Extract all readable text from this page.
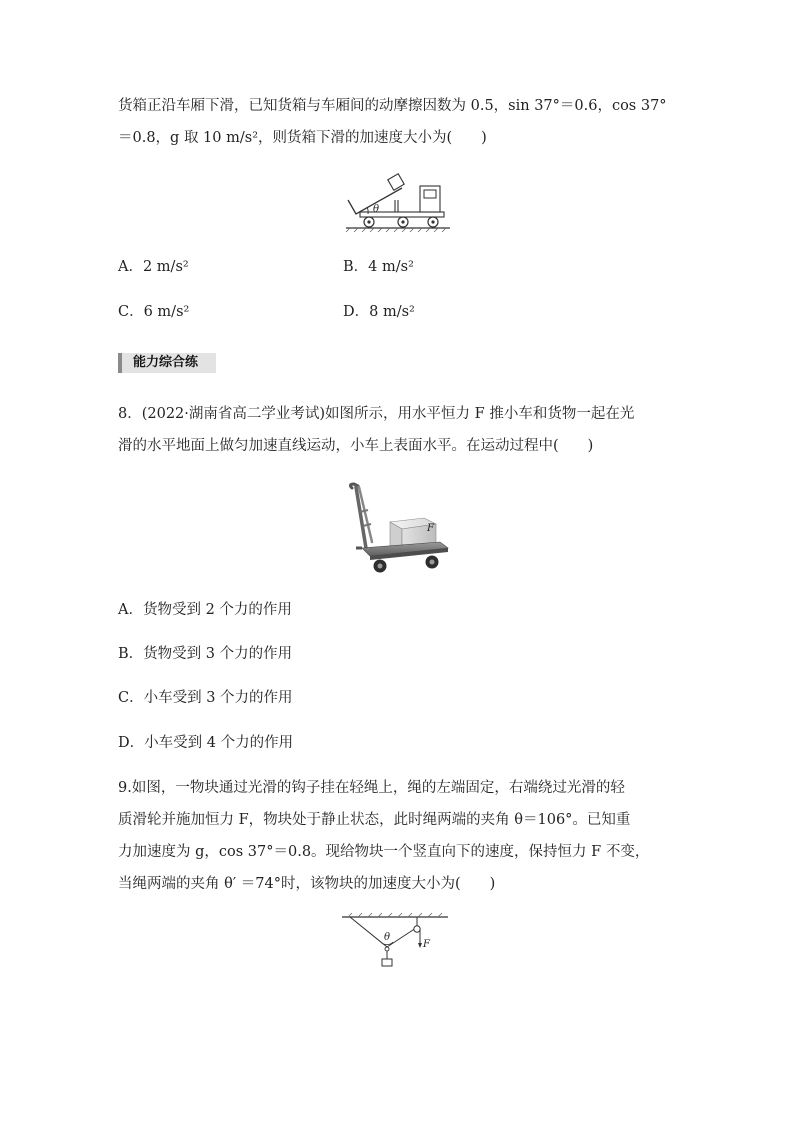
货箱正沿车厢下滑，已知货箱与车厢间的动摩擦因数为 0.5，sin 37°＝0.6，cos 37°
＝0.8，g 取 10 m/s²，则货箱下滑的加速度大小为(　　)
θ
A．2 m/s²	B．4 m/s²
C．6 m/s²	D．8 m/s²
能力综合练
8．(2022·湖南省高二学业考试)如图所示，用水平恒力 F 推小车和货物一起在光
滑的水平地面上做匀加速直线运动，小车上表面水平。在运动过程中(　　)
F
A．货物受到 2 个力的作用
B．货物受到 3 个力的作用
C．小车受到 3 个力的作用
D．小车受到 4 个力的作用
9.如图，一物块通过光滑的钩子挂在轻绳上，绳的左端固定，右端绕过光滑的轻
质滑轮并施加恒力 F，物块处于静止状态，此时绳两端的夹角 θ＝106°。已知重
力加速度为 g，cos 37°＝0.8。现给物块一个竖直向下的速度，保持恒力 F 不变，
当绳两端的夹角 θ′ ＝74°时，该物块的加速度大小为(　　)
θ
F
